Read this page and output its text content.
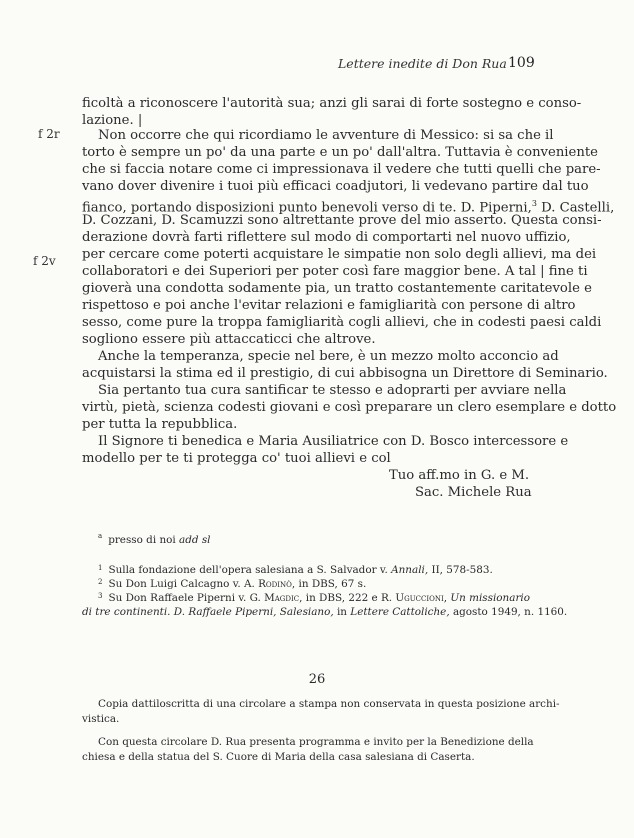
Lettere inedite di Don Rua 109
f 2r
f 2v
ficoltà a riconoscere l'autorità sua; anzi gli sarai di forte sostegno e conso-
lazione. |
Non occorre che qui ricordiamo le avventure di Messico: si sa che il
torto è sempre un po' da una parte e un po' dall'altra. Tuttavia è conveniente
che si faccia notare come ci impressionava il vedere che tutti quelli che pare-
vano dover divenire i tuoi più efficaci coadjutori, li vedevano partire dal tuo
fianco, portando disposizioni punto benevoli verso di te. D. Piperni,$^3$ D. Castelli,
D. Cozzani, D. Scamuzzi sono altrettante prove del mio asserto. Questa consi-
derazione dovrà farti riflettere sul modo di comportarti nel nuovo uffizio,
per cercare come poterti acquistare le simpatie non solo degli allievi, ma dei
collaboratori e dei Superiori per poter così fare maggior bene. A tal | fine ti
gioverà una condotta sodamente pia, un tratto costantemente caritatevole e
rispettoso e poi anche l'evitar relazioni e famigliarità con persone di altro
sesso, come pure la troppa famigliarità cogli allievi, che in codesti paesi caldi
sogliono essere più attaccaticci che altrove.
Anche la temperanza, specie nel bere, è un mezzo molto acconcio ad
acquistarsi la stima ed il prestigio, di cui abbisogna un Direttore di Seminario.
Sia pertanto tua cura santificar te stesso e adoprarti per avviare nella
virtù, pietà, scienza codesti giovani e così preparare un clero esemplare e dotto
per tutta la repubblica.
Il Signore ti benedica e Maria Ausiliatrice con D. Bosco intercessore e
modello per te ti protegga co' tuoi allievi e col
Tuo aff.mo in G. e M.
Sac. Michele Rua
$^a$ presso di noi add sl
$^1$ Sulla fondazione dell'opera salesiana a S. Salvador v. Annali, II, 578-583.
$^2$ Su Don Luigi Calcagno v. A. Rodinò, in DBS, 67 s.
$^3$ Su Don Raffaele Piperni v. G. Magdic, in DBS, 222 e R. Uguccioni, Un missionario
di tre continenti. D. Raffaele Piperni, Salesiano, in Lettere Cattoliche, agosto 1949, n. 1160.
26
Copia dattiloscritta di una circolare a stampa non conservata in questa posizione archi-
vistica.
Con questa circolare D. Rua presenta programma e invito per la Benedizione della
chiesa e della statua del S. Cuore di Maria della casa salesiana di Caserta.
